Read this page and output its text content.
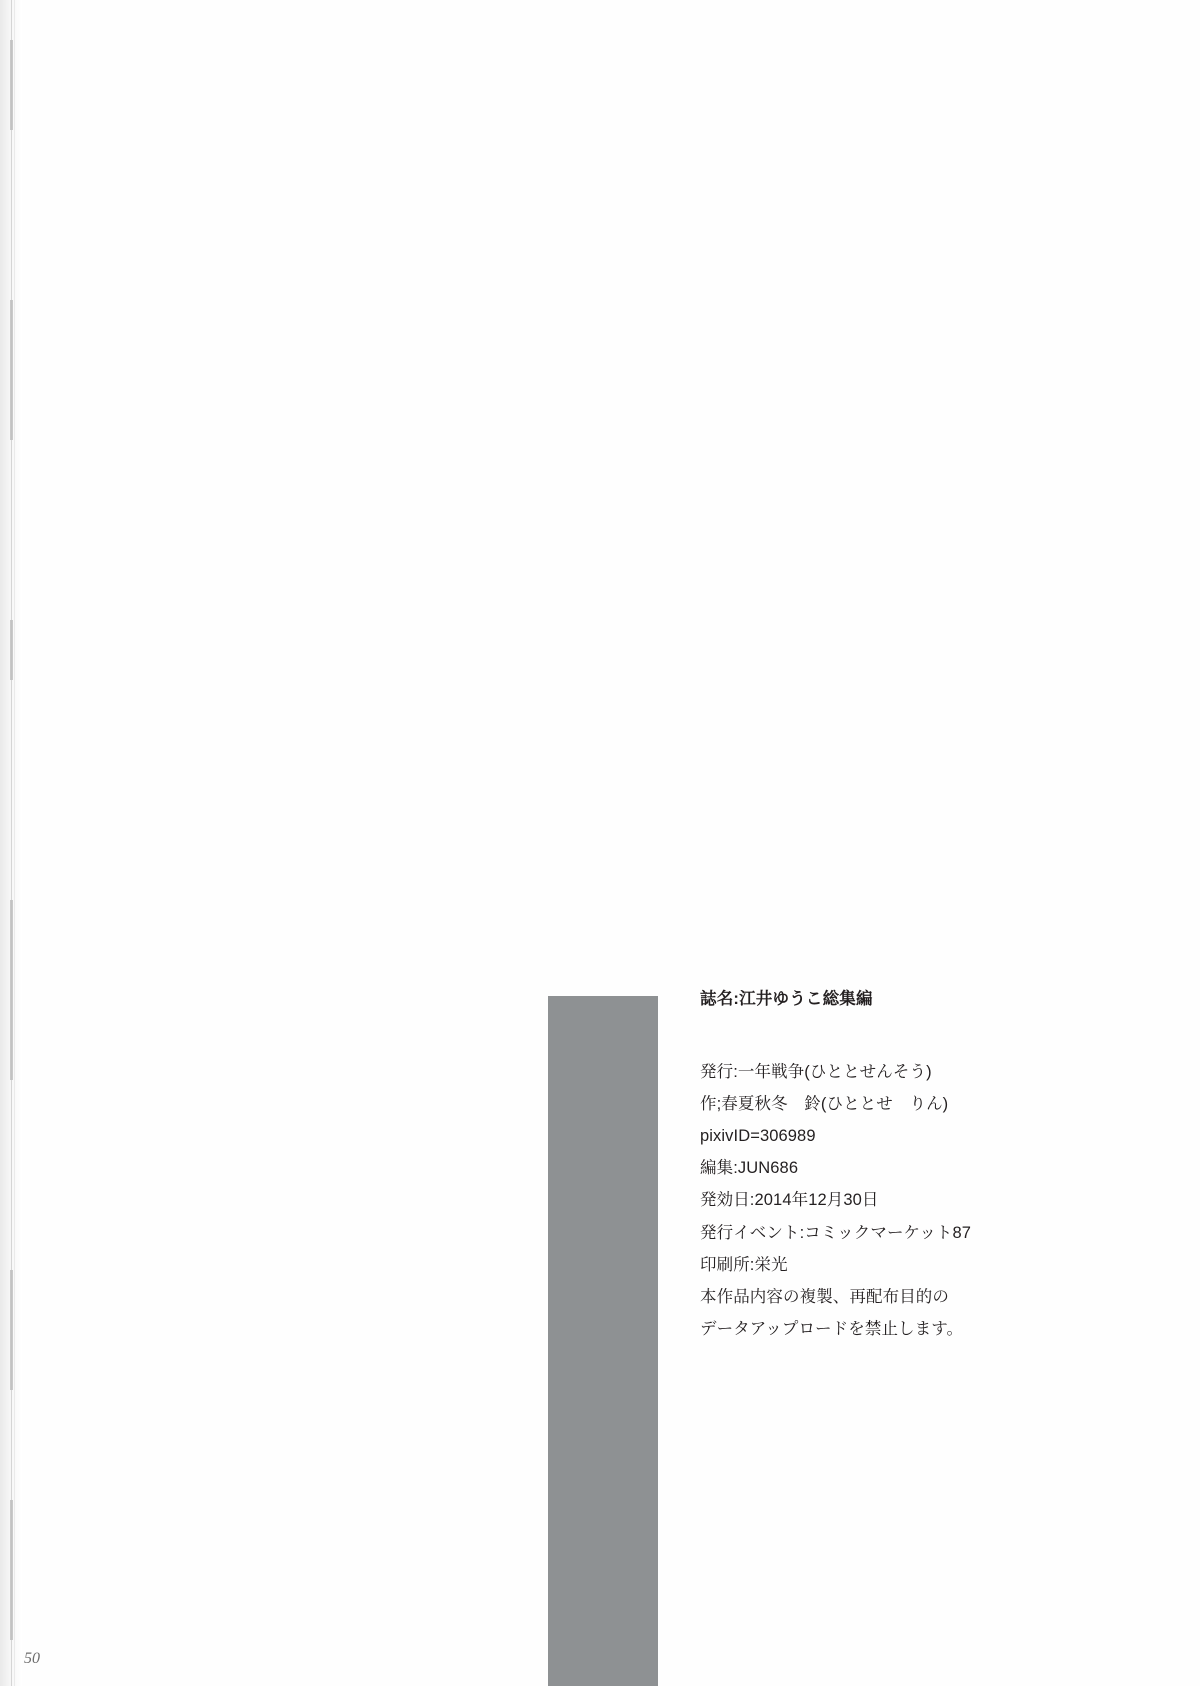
誌名:江井ゆうこ総集編
発行:一年戦争(ひととせんそう)
作;春夏秋冬　鈴(ひととせ　りん)
pixivID=306989
編集:JUN686
発効日:2014年12月30日
発行イベント:コミックマーケット87
印刷所:栄光
本作品内容の複製、再配布目的の
データアップロードを禁止します。
50
